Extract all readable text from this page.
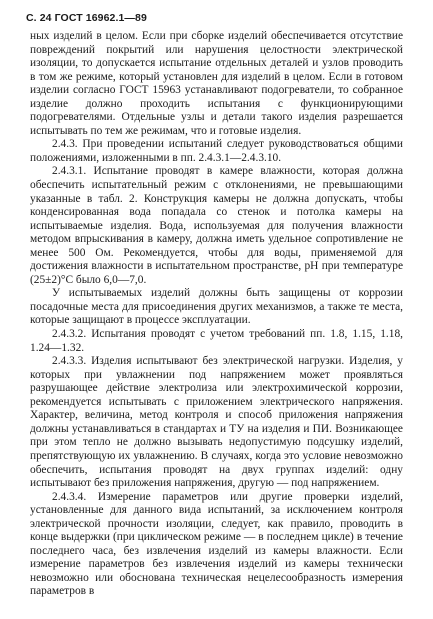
С. 24 ГОСТ 16962.1—89

ных изделий в целом. Если при сборке изделий обеспечивается отсутствие повреждений покрытий или нарушения целостности электрической изоляции, то допускается испытание отдельных деталей и узлов проводить в том же режиме, который установлен для изделий в целом. Если в готовом изделии согласно ГОСТ 15963 устанавливают подогреватели, то собранное изделие должно проходить испытания с функционирующими подогревателями. Отдельные узлы и детали такого изделия разрешается испытывать по тем же режимам, что и готовые изделия.

2.4.3. При проведении испытаний следует руководствоваться общими положениями, изложенными в пп. 2.4.3.1—2.4.3.10.

2.4.3.1. Испытание проводят в камере влажности, которая должна обеспечить испытательный режим с отклонениями, не превышающими указанные в табл. 2. Конструкция камеры не должна допускать, чтобы конденсированная вода попадала со стенок и потолка камеры на испытываемые изделия. Вода, используемая для получения влажности методом впрыскивания в камеру, должна иметь удельное сопротивление не менее 500 Ом. Рекомендуется, чтобы для воды, применяемой для достижения влажности в испытательном пространстве, pH при температуре (25±2)°С было 6,0—7,0.

У испытываемых изделий должны быть защищены от коррозии посадочные места для присоединения других механизмов, а также те места, которые защищают в процессе эксплуатации.

2.4.3.2. Испытания проводят с учетом требований пп. 1.8, 1.15, 1.18, 1.24—1.32.

2.4.3.3. Изделия испытывают без электрической нагрузки. Изделия, у которых при увлажнении под напряжением может проявляться разрушающее действие электролиза или электрохимической коррозии, рекомендуется испытывать с приложением электрического напряжения. Характер, величина, метод контроля и способ приложения напряжения должны устанавливаться в стандартах и ТУ на изделия и ПИ. Возникающее при этом тепло не должно вызывать недопустимую подсушку изделий, препятствующую их увлажнению. В случаях, когда это условие невозможно обеспечить, испытания проводят на двух группах изделий: одну испытывают без приложения напряжения, другую — под напряжением.

2.4.3.4. Измерение параметров или другие проверки изделий, установленные для данного вида испытаний, за исключением контроля электрической прочности изоляции, следует, как правило, проводить в конце выдержки (при циклическом режиме — в последнем цикле) в течение последнего часа, без извлечения изделий из камеры влажности. Если измерение параметров без извлечения изделий из камеры технически невозможно или обоснована техническая нецелесообразность измерения параметров в
